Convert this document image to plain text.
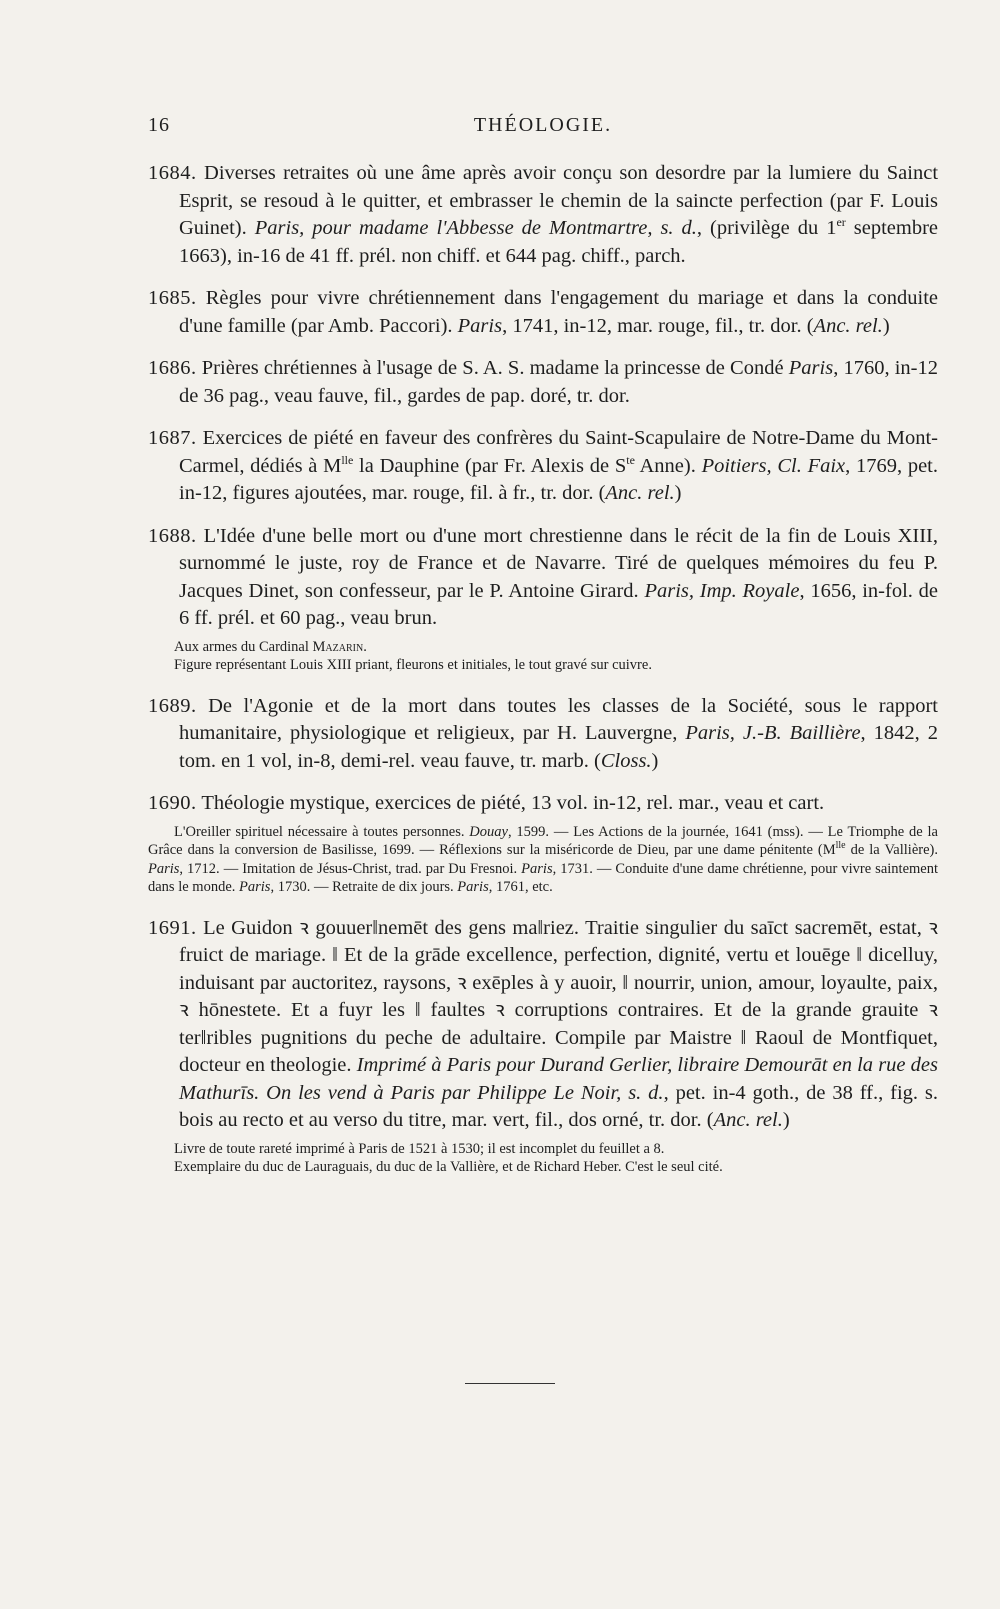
16	THÉOLOGIE.

1684. Diverses retraites où une âme après avoir conçu son desordre par la lumiere du Sainct Esprit, se resoud à le quitter, et embrasser le chemin de la saincte perfection (par F. Louis Guinet). Paris, pour madame l'Abbesse de Montmartre, s. d., (privilège du 1er septembre 1663), in-16 de 41 ff. prél. non chiff. et 644 pag. chiff., parch.

1685. Règles pour vivre chrétiennement dans l'engagement du mariage et dans la conduite d'une famille (par Amb. Paccori). Paris, 1741, in-12, mar. rouge, fil., tr. dor. (Anc. rel.)

1686. Prières chrétiennes à l'usage de S. A. S. madame la princesse de Condé Paris, 1760, in-12 de 36 pag., veau fauve, fil., gardes de pap. doré, tr. dor.

1687. Exercices de piété en faveur des confrères du Saint-Scapulaire de Notre-Dame du Mont-Carmel, dédiés à $M^{lle}$ la Dauphine (par Fr. Alexis de $S^{te}$ Anne). Poitiers, Cl. Faix, 1769, pet. in-12, figures ajoutées, mar. rouge, fil. à fr., tr. dor. (Anc. rel.)

1688. L'Idée d'une belle mort ou d'une mort chrestienne dans le récit de la fin de Louis XIII, surnommé le juste, roy de France et de Navarre. Tiré de quelques mémoires du feu P. Jacques Dinet, son confesseur, par le P. Antoine Girard. Paris, Imp. Royale, 1656, in-fol. de 6 ff. prél. et 60 pag., veau brun.

Aux armes du Cardinal Mazarin.
Figure représentant Louis XIII priant, fleurons et initiales, le tout gravé sur cuivre.

1689. De l'Agonie et de la mort dans toutes les classes de la Société, sous le rapport humanitaire, physiologique et religieux, par H. Lauvergne, Paris, J.-B. Baillière, 1842, 2 tom. en 1 vol, in-8, demi-rel. veau fauve, tr. marb. (Closs.)

1690. Théologie mystique, exercices de piété, 13 vol. in-12, rel. mar., veau et cart.

L'Oreiller spirituel nécessaire à toutes personnes. Douay, 1599. — Les Actions de la journée, 1641 (mss). — Le Triomphe de la Grâce dans la conversion de Basilisse, 1699. — Réflexions sur la miséricorde de Dieu, par une dame pénitente ($M^{lle}$ de la Vallière). Paris, 1712. — Imitation de Jésus-Christ, trad. par Du Fresnoi. Paris, 1731. — Conduite d'une dame chrétienne, pour vivre saintement dans le monde. Paris, 1730. — Retraite de dix jours. Paris, 1761, etc.

1691. Le Guidon ꝛ gouuer‖nemēt des gens ma‖riez. Traitie singulier du saīct sacremēt, estat, ꝛ fruict de mariage. ‖ Et de la grāde excellence, perfection, dignité, vertu et louēge ‖ dicelluy, induisant par auctoritez, raysons, ꝛ exēples à y auoir, ‖ nourrir, union, amour, loyaulte, paix, ꝛ hōnestete. Et a fuyr les ‖ faultes ꝛ corruptions contraires. Et de la grande grauite ꝛ ter‖ribles pugnitions du peche de adultaire. Compile par Maistre ‖ Raoul de Montfiquet, docteur en theologie. Imprimé à Paris pour Durand Gerlier, libraire Demourāt en la rue des Mathurīs. On les vend à Paris par Philippe Le Noir, s. d., pet. in-4 goth., de 38 ff., fig. s. bois au recto et au verso du titre, mar. vert, fil., dos orné, tr. dor. (Anc. rel.)

Livre de toute rareté imprimé à Paris de 1521 à 1530; il est incomplet du feuillet a 8.
Exemplaire du duc de Lauraguais, du duc de la Vallière, et de Richard Heber. C'est le seul cité.
